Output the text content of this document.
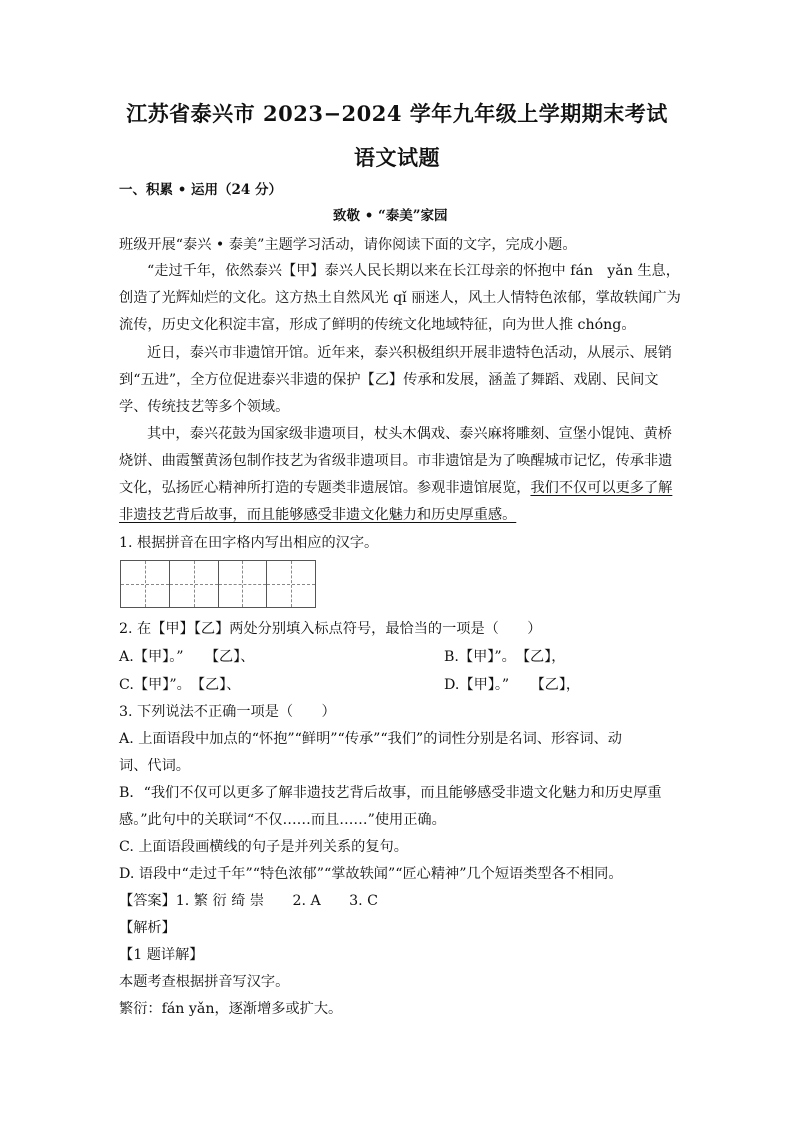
江苏省泰兴市 2023−2024 学年九年级上学期期末考试
语文试题
一、积累 • 运用（24 分）
致敬 • “泰美”家园
班级开展“泰兴 • 泰美”主题学习活动，请你阅读下面的文字，完成小题。
“走过千年，依然泰兴【甲】泰兴人民长期以来在长江母亲的怀抱中 fán　yǎn 生息，
创造了光辉灿烂的文化。这方热土自然风光 qǐ 丽迷人，风土人情特色浓郁，掌故轶闻广为
流传，历史文化积淀丰富，形成了鲜明的传统文化地域特征，向为世人推 chóng。
近日，泰兴市非遗馆开馆。近年来，泰兴积极组织开展非遗特色活动，从展示、展销
到“五进”，全方位促进泰兴非遗的保护【乙】传承和发展，涵盖了舞蹈、戏剧、民间文
学、传统技艺等多个领域。
其中，泰兴花鼓为国家级非遗项目，杖头木偶戏、泰兴麻将雕刻、宣堡小馄饨、黄桥
烧饼、曲霞蟹黄汤包制作技艺为省级非遗项目。市非遗馆是为了唤醒城市记忆，传承非遗
文化，弘扬匠心精神所打造的专题类非遗展馆。参观非遗馆展览，我们不仅可以更多了解
非遗技艺背后故事，而且能够感受非遗文化魅力和历史厚重感。
1. 根据拼音在田字格内写出相应的汉字。
2. 在【甲】【乙】两处分别填入标点符号，最恰当的一项是（　　）
A.【甲】。”　　【乙】、	B.【甲】”。　【乙】，
C.【甲】”。　【乙】、	D.【甲】。”　　【乙】，
3. 下列说法不正确一项是（　　）
A. 上面语段中加点的“怀抱”“鲜明”“传承”“我们”的词性分别是名词、形容词、动
词、代词。
B．“我们不仅可以更多了解非遗技艺背后故事，而且能够感受非遗文化魅力和历史厚重
感。”此句中的关联词“不仅……而且……”使用正确。
C. 上面语段画横线的句子是并列关系的复句。
D. 语段中“走过千年”“特色浓郁”“掌故轶闻”“匠心精神”几个短语类型各不相同。
【答案】1. 繁 衍 绮 崇　　2. A　　3. C
【解析】
【1 题详解】
本题考查根据拼音写汉字。
繁衍：fán yǎn，逐渐增多或扩大。
